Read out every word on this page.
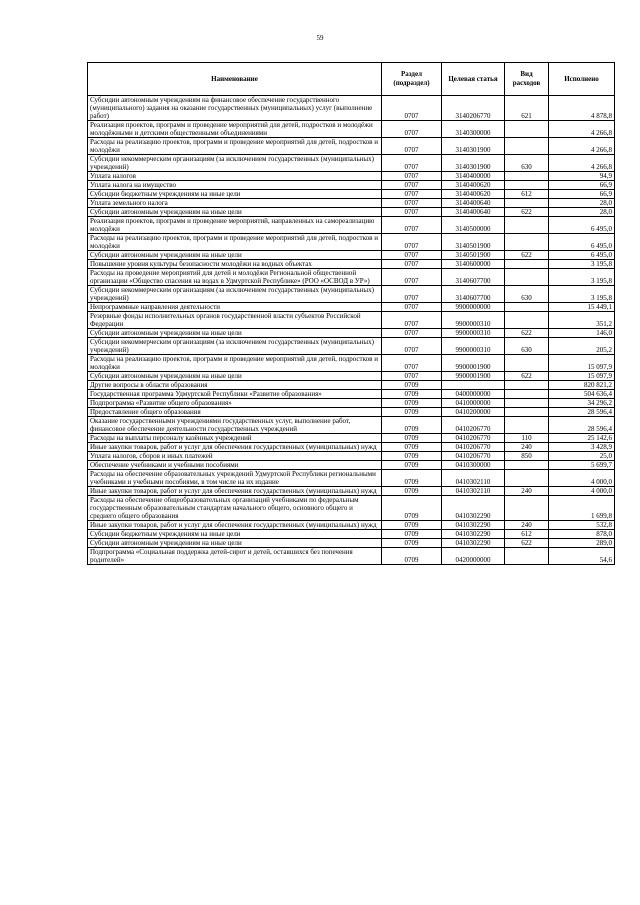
59
Наименование	Раздел (подраздел)	Целевая статья	Вид расходов	Исполнено
Субсидии автономным учреждениям на финансовое обеспечение государственного (муниципального) задания на оказание государственных (муниципальных) услуг (выполнение работ)	0707	3140206770	621	4 878,8
Реализация проектов, программ и проведение мероприятий для детей, подростков и молодёжи молодёжными и детскими общественными объединениями	0707	3140300000		4 266,8
Расходы на реализацию проектов, программ и проведение мероприятий для детей, подростков и молодёжи	0707	3140301900		4 266,8
Субсидии некоммерческим организациям (за исключением государственных (муниципальных) учреждений)	0707	3140301900	630	4 266,8
Уплата налогов	0707	3140400000		94,9
Уплата налога на имущество	0707	3140400620		66,9
Субсидии бюджетным учреждениям на иные цели	0707	3140400620	612	66,9
Уплата земельного налога	0707	3140400640		28,0
Субсидии автономным учреждениям на иные цели	0707	3140400640	622	28,0
Реализация проектов, программ и проведение мероприятий, направленных на самореализацию молодёжи	0707	3140500000		6 495,0
Расходы на реализацию проектов, программ и проведение мероприятий для детей, подростков и молодёжи	0707	3140501900		6 495,0
Субсидии автономным учреждениям на иные цели	0707	3140501900	622	6 495,0
Повышение уровня культуры безопасности молодёжи на водных объектах	0707	3140600000		3 195,8
Расходы на проведение мероприятий для детей и молодёжи Региональной общественной организации «Общество спасения на водах в Удмуртской Республике» (РОО «ОСВОД в УР»)	0707	3140607700		3 195,8
Субсидии некоммерческим организациям (за исключением государственных (муниципальных) учреждений)	0707	3140607700	630	3 195,8
Непрограммные направления деятельности	0707	9900000000		15 449,1
Резервные фонды исполнительных органов государственной власти субъектов Российской Федерации	0707	9900000310		351,2
Субсидии автономным учреждениям на иные цели	0707	9900000310	622	146,0
Субсидии некоммерческим организациям (за исключением государственных (муниципальных) учреждений)	0707	9900000310	630	205,2
Расходы на реализацию проектов, программ и проведение мероприятий для детей, подростков и молодёжи	0707	9900001900		15 097,9
Субсидии автономным учреждениям на иные цели	0707	9900001900	622	15 097,9
Другие вопросы в области образования	0709			820 821,2
Государственная программа Удмуртской Республики «Развитие образования»	0709	0400000000		504 636,4
Подпрограмма «Развитие общего образования»	0709	0410000000		34 296,2
Предоставление общего образования	0709	0410200000		28 596,4
Оказание государственными учреждениями государственных услуг, выполнение работ, финансовое обеспечение деятельности государственных учреждений	0709	0410206770		28 596,4
Расходы на выплаты персоналу казённых учреждений	0709	0410206770	110	25 142,6
Иные закупки товаров, работ и услуг для обеспечения государственных (муниципальных) нужд	0709	0410206770	240	3 428,9
Уплата налогов, сборов и иных платежей	0709	0410206770	850	25,0
Обеспечение учебниками и учебными пособиями	0709	0410300000		5 699,7
Расходы на обеспечение образовательных учреждений Удмуртской Республики региональными учебниками и учебными пособиями, в том числе на их издание	0709	0410302110		4 000,0
Иные закупки товаров, работ и услуг для обеспечения государственных (муниципальных) нужд	0709	0410302110	240	4 000,0
Расходы на обеспечение общеобразовательных организаций учебниками по федеральным государственным образовательным стандартам начального общего, основного общего и среднего общего образования	0709	0410302290		1 699,8
Иные закупки товаров, работ и услуг для обеспечения государственных (муниципальных) нужд	0709	0410302290	240	532,8
Субсидии бюджетным учреждениям на иные цели	0709	0410302290	612	878,0
Субсидии автономным учреждениям на иные цели	0709	0410302290	622	289,0
Подпрограмма «Социальная поддержка детей-сирот и детей, оставшихся без попечения родителей»	0709	0420000000		54,6
